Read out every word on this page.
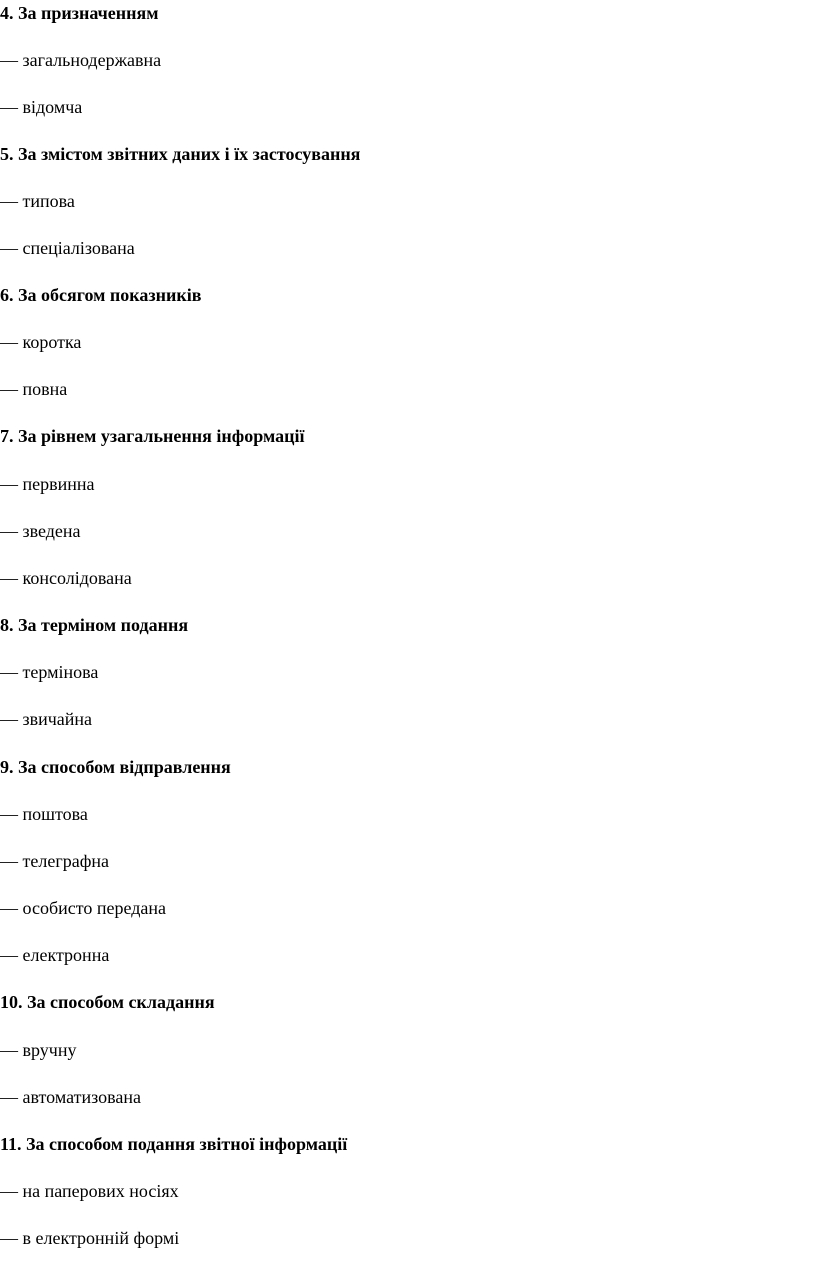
4. За призначенням
— загальнодержавна
— відомча
5. За змістом звітних даних і їх застосування
— типова
— спеціалізована
6. За обсягом показників
— коротка
— повна
7. За рівнем узагальнення інформації
— первинна
— зведена
— консолідована
8. За терміном подання
— термінова
— звичайна
9. За способом відправлення
— поштова
— телеграфна
— особисто передана
— електронна
10. За способом складання
— вручну
— автоматизована
11. За способом подання звітної інформації
— на паперових носіях
— в електронній формі
